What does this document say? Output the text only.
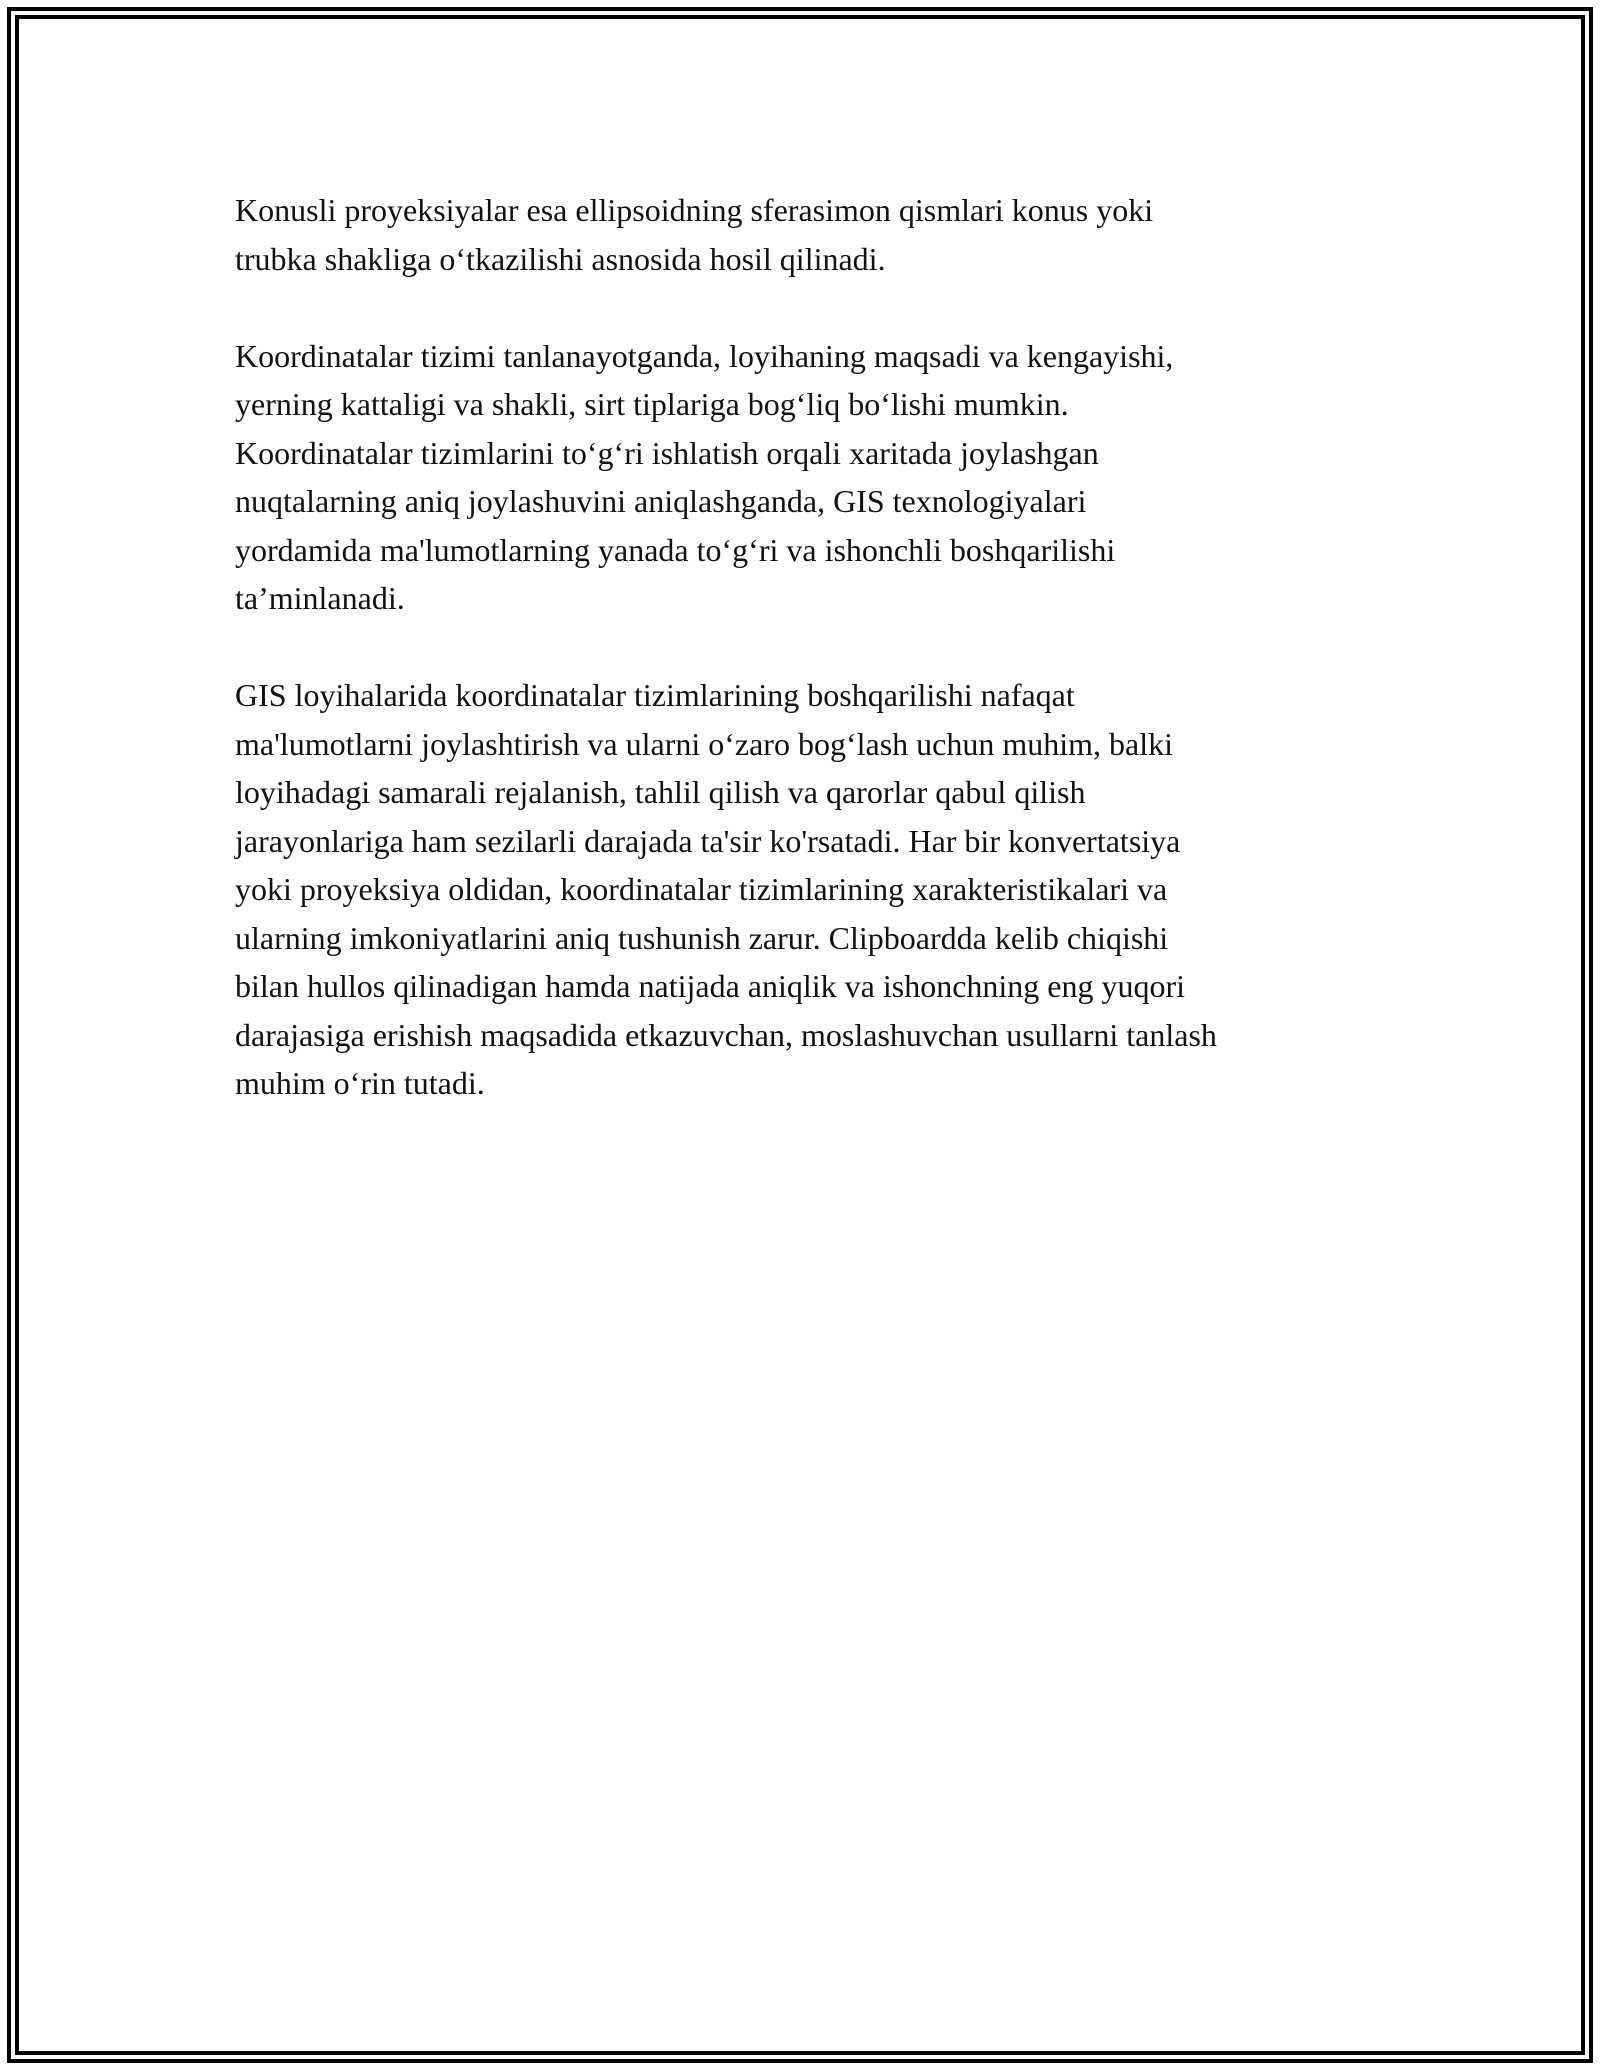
Konusli proyeksiyalar esa ellipsoidning sferasimon qismlari konus yoki
trubka shakliga o‘tkazilishi asnosida hosil qilinadi.

Koordinatalar tizimi tanlanayotganda, loyihaning maqsadi va kengayishi,
yerning kattaligi va shakli, sirt tiplariga bog‘liq bo‘lishi mumkin.
Koordinatalar tizimlarini to‘g‘ri ishlatish orqali xaritada joylashgan
nuqtalarning aniq joylashuvini aniqlashganda, GIS texnologiyalari
yordamida ma'lumotlarning yanada to‘g‘ri va ishonchli boshqarilishi
ta’minlanadi.

GIS loyihalarida koordinatalar tizimlarining boshqarilishi nafaqat
ma'lumotlarni joylashtirish va ularni o‘zaro bog‘lash uchun muhim, balki
loyihadagi samarali rejalanish, tahlil qilish va qarorlar qabul qilish
jarayonlariga ham sezilarli darajada ta'sir ko'rsatadi. Har bir konvertatsiya
yoki proyeksiya oldidan, koordinatalar tizimlarining xarakteristikalari va
ularning imkoniyatlarini aniq tushunish zarur. Clipboardda kelib chiqishi
bilan hullos qilinadigan hamda natijada aniqlik va ishonchning eng yuqori
darajasiga erishish maqsadida etkazuvchan, moslashuvchan usullarni tanlash
muhim o‘rin tutadi.
